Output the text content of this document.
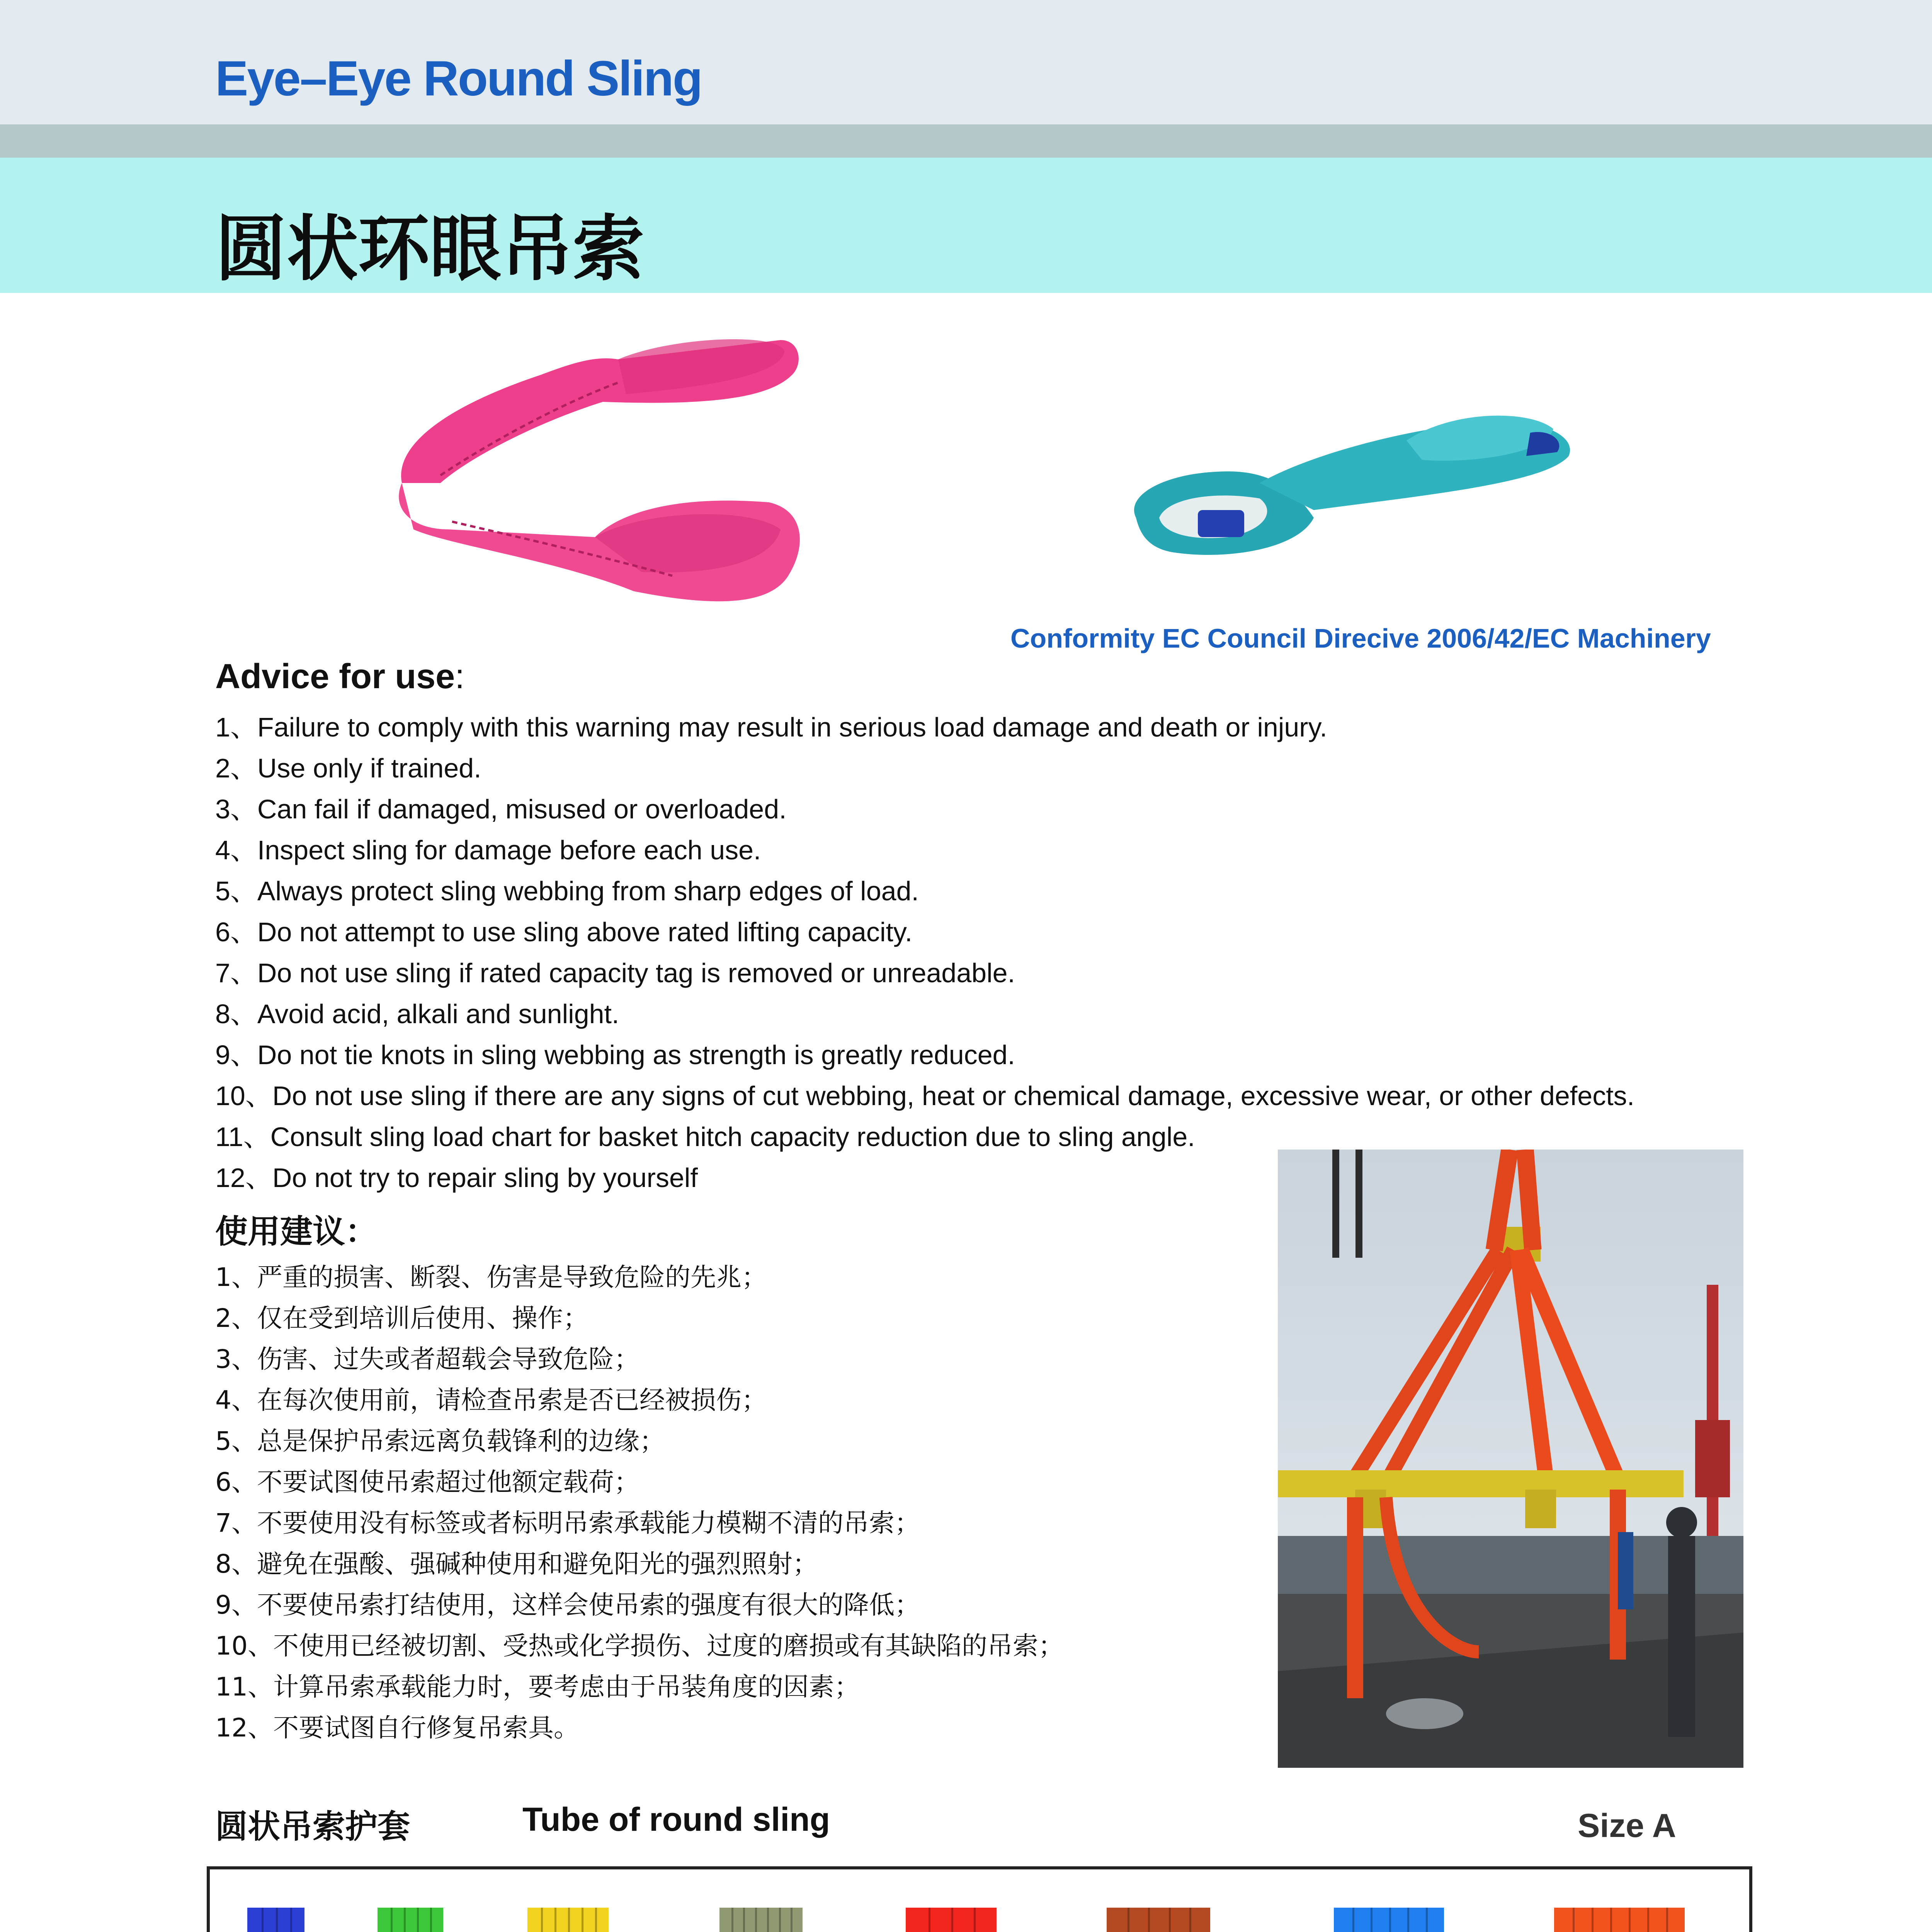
Eye–Eye Round Sling
圆状环眼吊索
Conformity EC Council Direcive 2006/42/EC Machinery
Advice for use:
1、Failure to comply with this warning may result in serious load damage and death or injury.
2、Use only if trained.
3、Can fail if damaged, misused or overloaded.
4、Inspect sling for damage before each use.
5、Always protect sling webbing from sharp edges of load.
6、Do not attempt to use sling above rated lifting capacity.
7、Do not use sling if rated capacity tag is removed or unreadable.
8、Avoid acid, alkali and sunlight.
9、Do not tie knots in sling webbing as strength is greatly reduced.
10、Do not use sling if there are any signs of cut webbing, heat or chemical damage, excessive wear, or other defects.
11、Consult sling load chart for basket hitch capacity reduction due to sling angle.
12、Do not try to repair sling by yourself
使用建议：
1、严重的损害、断裂、伤害是导致危险的先兆；
2、仅在受到培训后使用、操作；
3、伤害、过失或者超载会导致危险；
4、在每次使用前，请检查吊索是否已经被损伤；
5、总是保护吊索远离负载锋利的边缘；
6、不要试图使吊索超过他额定载荷；
7、不要使用没有标签或者标明吊索承载能力模糊不清的吊索；
8、避免在强酸、强碱种使用和避免阳光的强烈照射；
9、不要使吊索打结使用，这样会使吊索的强度有很大的降低；
10、不使用已经被切割、受热或化学损伤、过度的磨损或有其缺陷的吊索；
11、计算吊索承载能力时，要考虑由于吊装角度的因素；
12、不要试图自行修复吊索具。
圆状吊索护套	Tube of round sling	Size A
